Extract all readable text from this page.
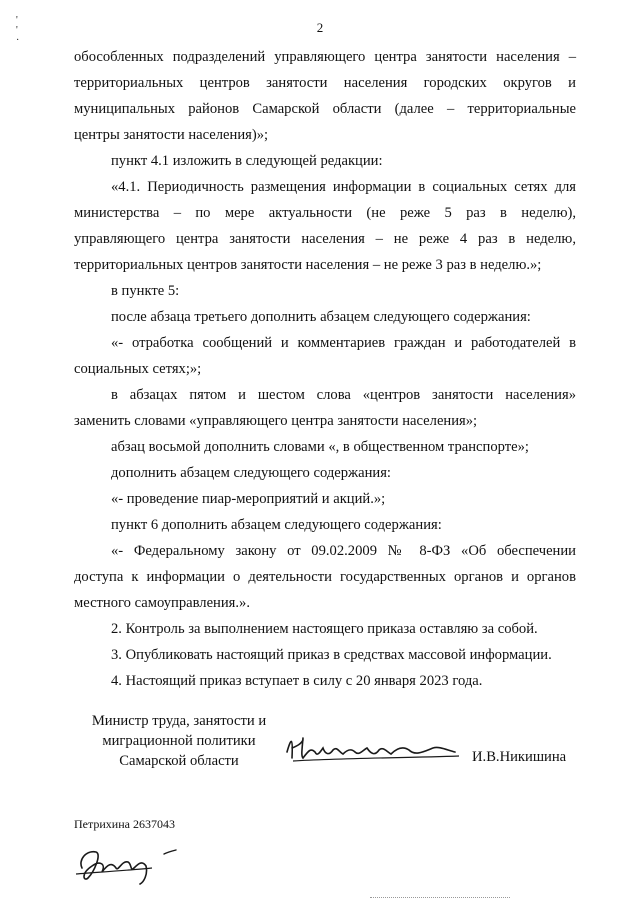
'
'
·
2

обособленных подразделений управляющего центра занятости населения –

территориальных центров занятости населения городских округов и

муниципальных районов Самарской области (далее – территориальные

центры занятости населения)»;

пункт 4.1 изложить в следующей редакции:

«4.1. Периодичность размещения информации в социальных сетях для

министерства – по мере актуальности (не реже 5 раз в неделю),

управляющего центра занятости населения – не реже 4 раз в неделю,

территориальных центров занятости населения – не реже 3 раз в неделю.»;

в пункте 5:

после абзаца третьего дополнить абзацем следующего содержания:

«- отработка сообщений и комментариев граждан и работодателей в

социальных сетях;»;

в абзацах пятом и шестом слова «центров занятости населения»

заменить словами «управляющего центра занятости населения»;

абзац восьмой дополнить словами «, в общественном транспорте»;

дополнить абзацем следующего содержания:

«- проведение пиар-мероприятий и акций.»;

пункт 6 дополнить абзацем следующего содержания:

«- Федеральному закону от 09.02.2009 № 8-ФЗ «Об обеспечении

доступа к информации о деятельности государственных органов и органов

местного самоуправления.».

2. Контроль за выполнением настоящего приказа оставляю за собой.

3. Опубликовать настоящий приказ в средствах массовой информации.

4. Настоящий приказ вступает в силу с 20 января 2023 года.

Министр труда, занятости и
миграционной политики
Самарской области	И.В.Никишина
Петрихина 2637043
